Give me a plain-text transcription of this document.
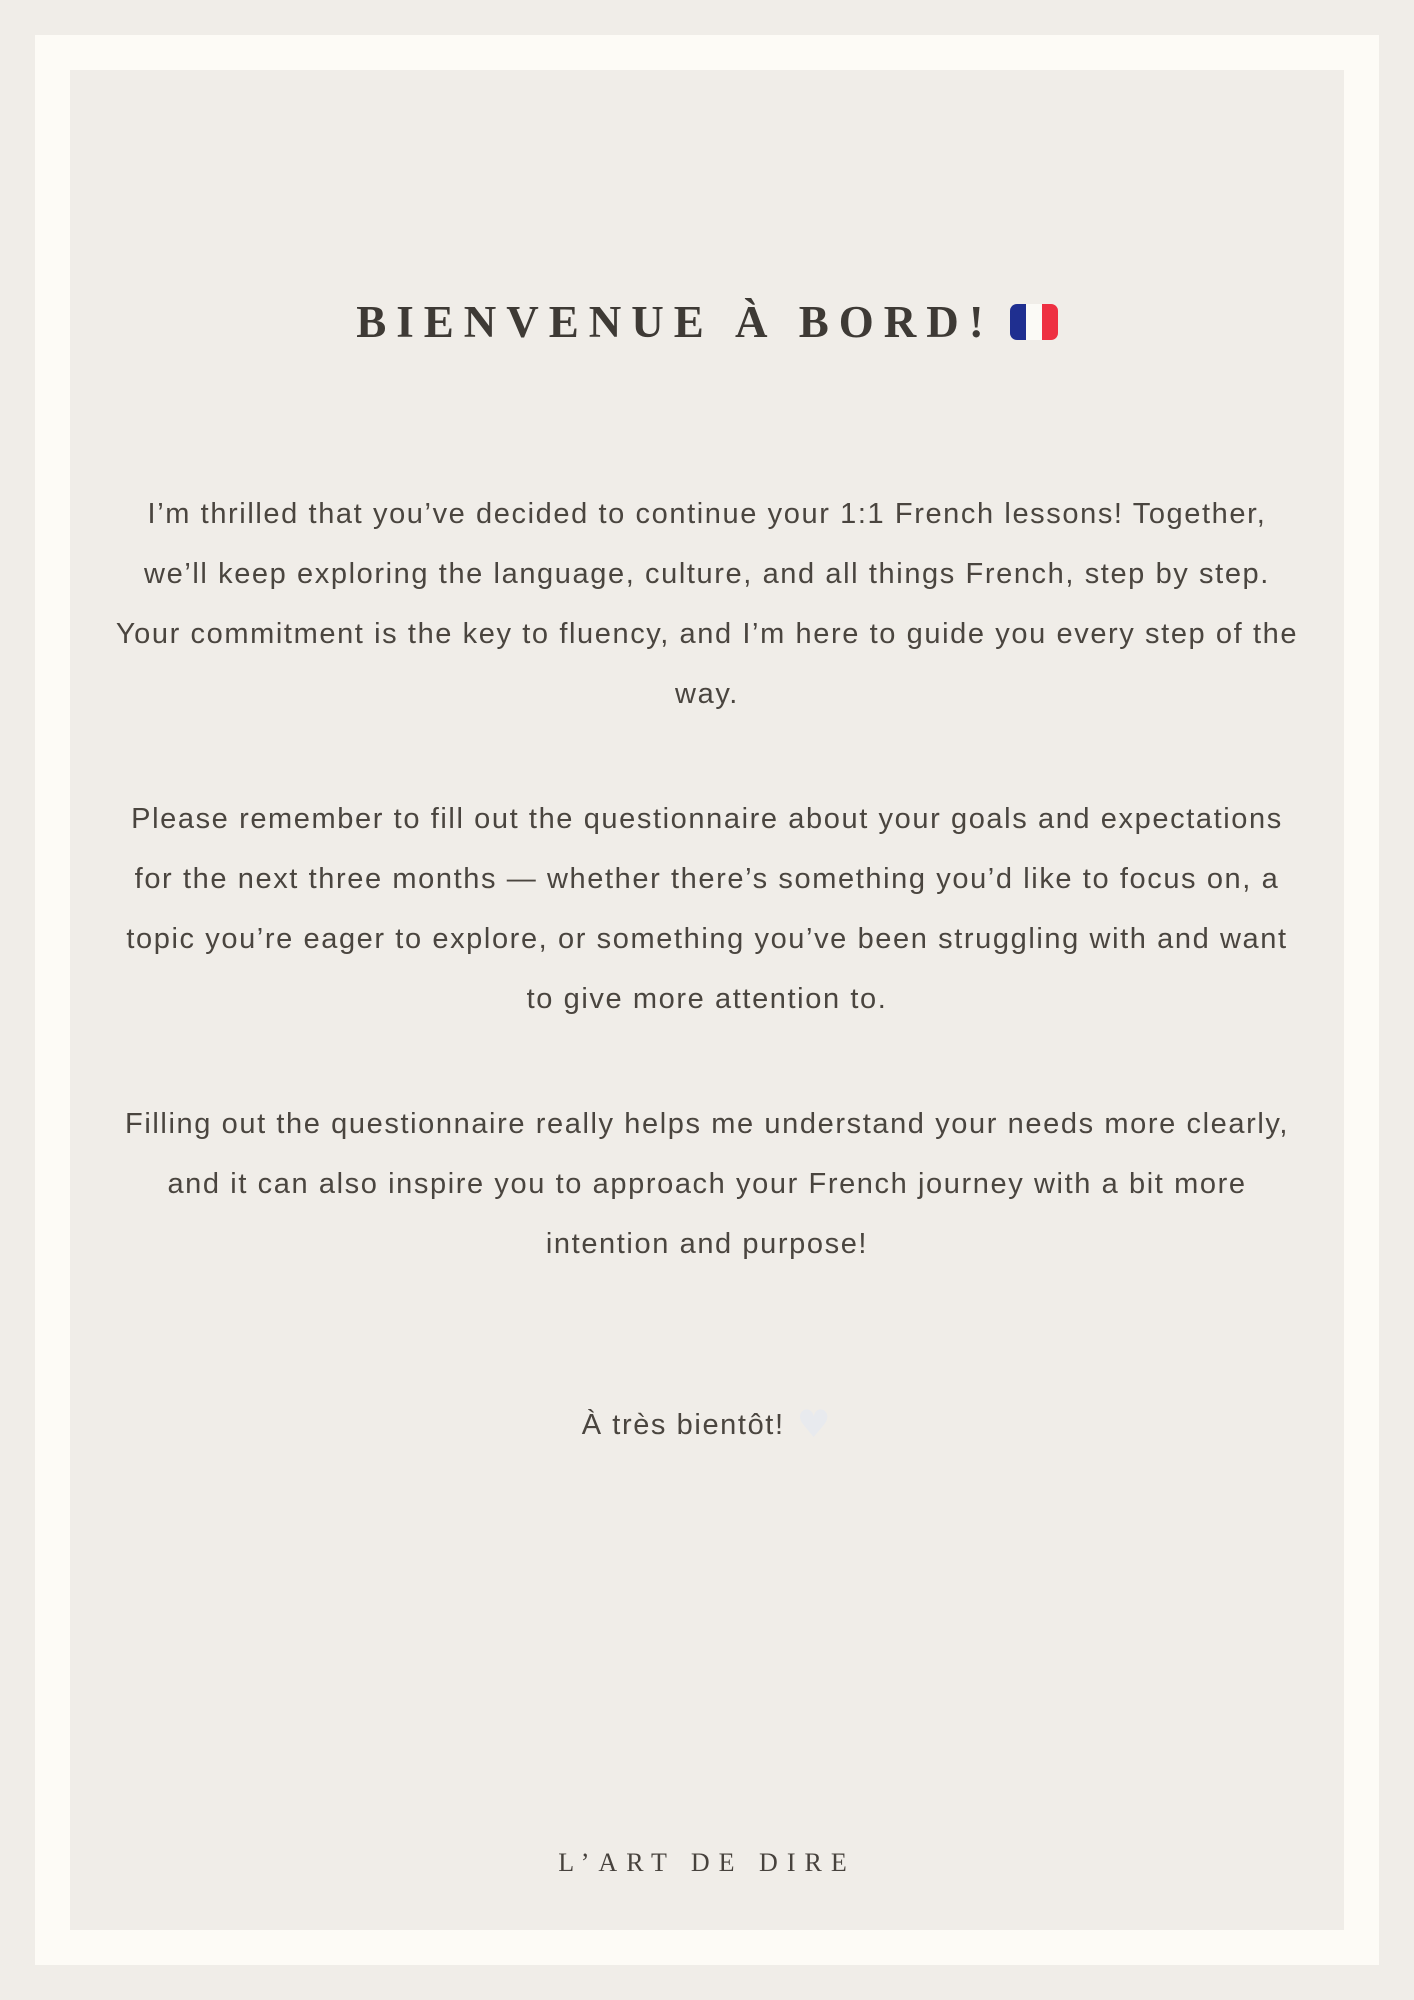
BIENVENUE À BORD!

I’m thrilled that you’ve decided to continue your 1:1 French lessons! Together, we’ll keep exploring the language, culture, and all things French, step by step. Your commitment is the key to fluency, and I’m here to guide you every step of the way.

Please remember to fill out the questionnaire about your goals and expectations for the next three months — whether there’s something you’d like to focus on, a topic you’re eager to explore, or something you’ve been struggling with and want to give more attention to.

Filling out the questionnaire really helps me understand your needs more clearly, and it can also inspire you to approach your French journey with a bit more intention and purpose!

À très bientôt! ♥
L’ART DE DIRE
